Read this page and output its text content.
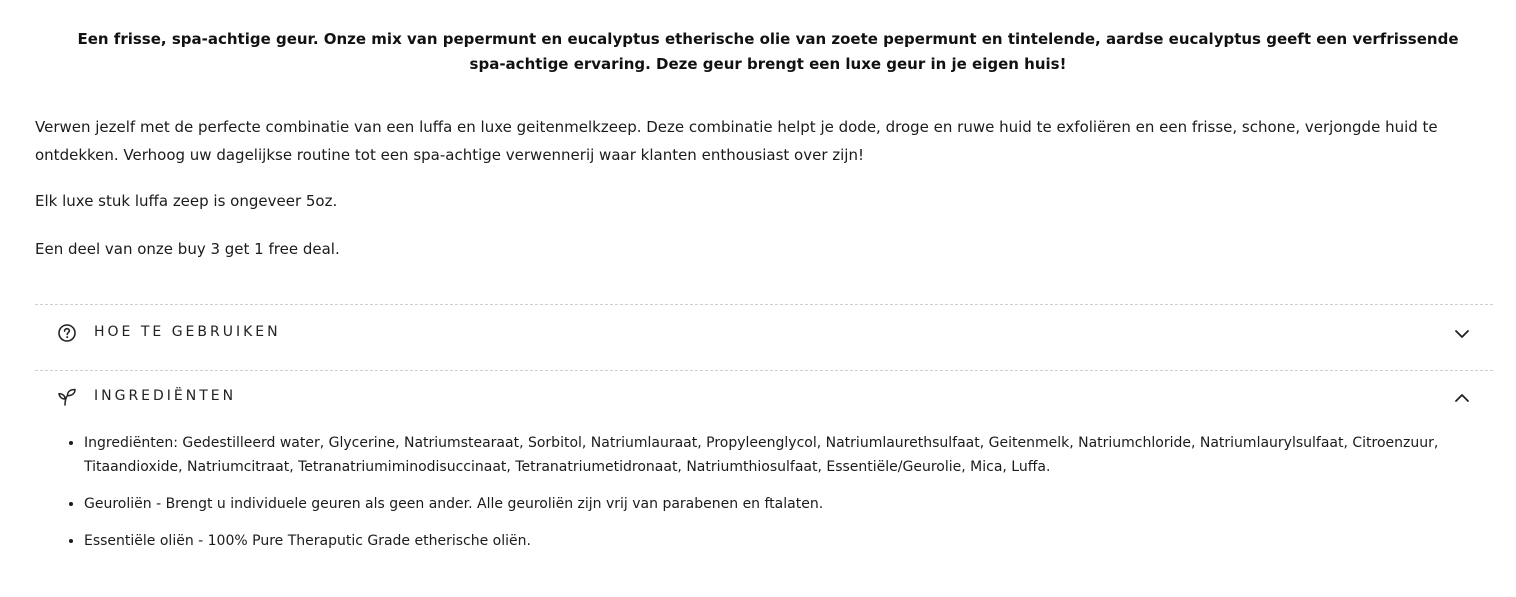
Een frisse, spa-achtige geur. Onze mix van pepermunt en eucalyptus etherische olie van zoete pepermunt en tintelende, aardse eucalyptus geeft een verfrissende spa-achtige ervaring. Deze geur brengt een luxe geur in je eigen huis!
Verwen jezelf met de perfecte combinatie van een luffa en luxe geitenmelkzeep. Deze combinatie helpt je dode, droge en ruwe huid te exfoliëren en een frisse, schone, verjongde huid te ontdekken. Verhoog uw dagelijkse routine tot een spa-achtige verwennerij waar klanten enthousiast over zijn!
Elk luxe stuk luffa zeep is ongeveer 5oz.
Een deel van onze buy 3 get 1 free deal.
HOE TE GEBRUIKEN
INGREDIËNTEN
• Ingrediënten: Gedestilleerd water, Glycerine, Natriumstearaat, Sorbitol, Natriumlauraat, Propyleenglycol, Natriumlaurethsulfaat, Geitenmelk, Natriumchloride, Natriumlaurylsulfaat, Citroenzuur, Titaandioxide, Natriumcitraat, Tetranatriumiminodisuccinaat, Tetranatriumetidronaat, Natriumthiosulfaat, Essentiële/Geurolie, Mica, Luffa.
• Geuroliën - Brengt u individuele geuren als geen ander. Alle geuroliën zijn vrij van parabenen en ftalaten.
• Essentiële oliën - 100% Pure Theraputic Grade etherische oliën.
